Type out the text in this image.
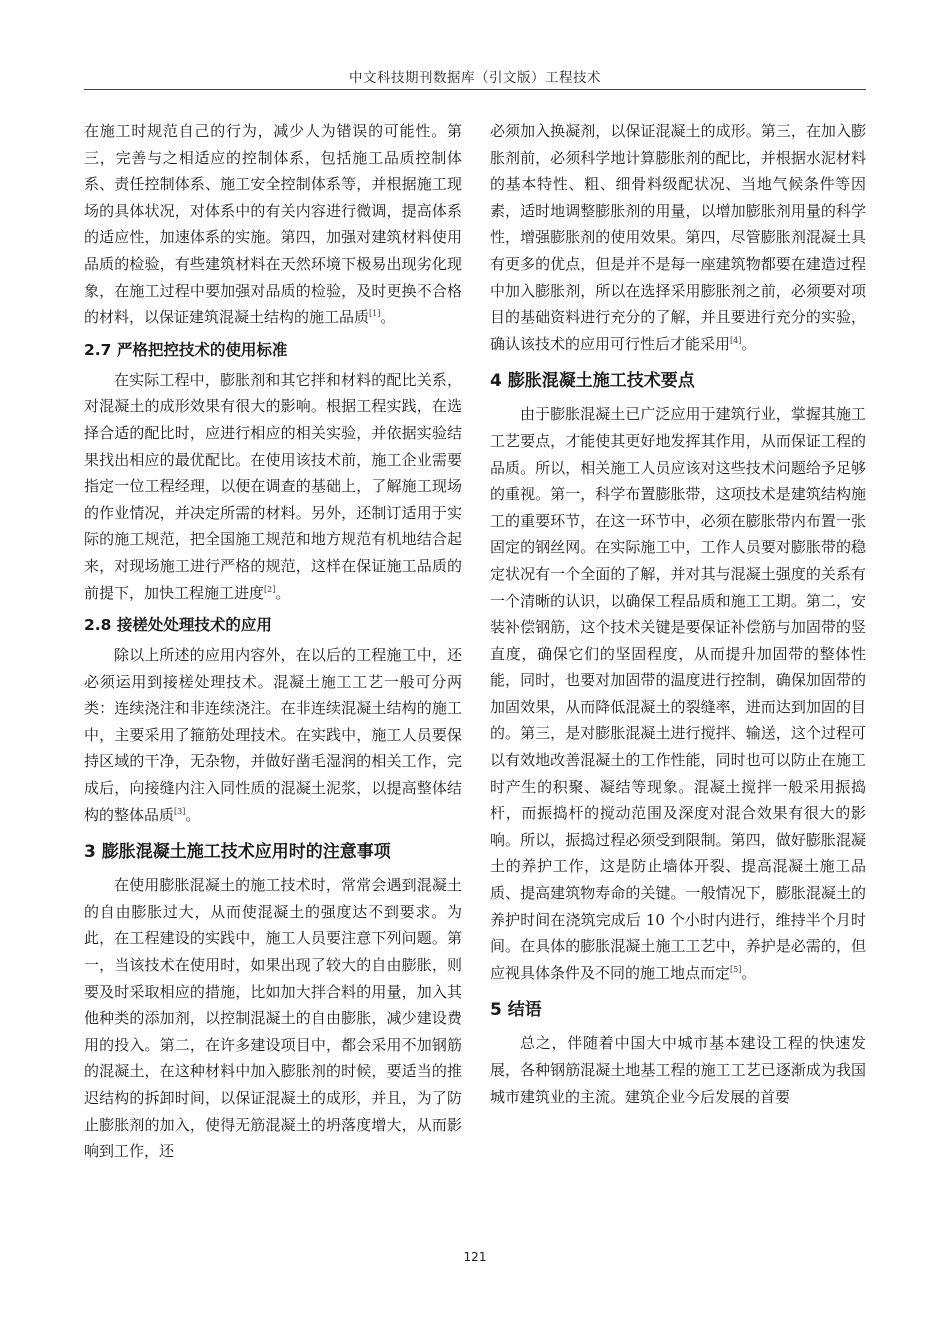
中文科技期刊数据库（引文版）工程技术

在施工时规范自己的行为，减少人为错误的可能性。第三，完善与之相适应的控制体系，包括施工品质控制体系、责任控制体系、施工安全控制体系等，并根据施工现场的具体状况，对体系中的有关内容进行微调，提高体系的适应性，加速体系的实施。第四，加强对建筑材料使用品质的检验，有些建筑材料在天然环境下极易出现劣化现象，在施工过程中要加强对品质的检验，及时更换不合格的材料，以保证建筑混凝土结构的施工品质[1]。

2.7 严格把控技术的使用标准

在实际工程中，膨胀剂和其它拌和材料的配比关系，对混凝土的成形效果有很大的影响。根据工程实践，在选择合适的配比时，应进行相应的相关实验，并依据实验结果找出相应的最优配比。在使用该技术前，施工企业需要指定一位工程经理，以便在调查的基础上，了解施工现场的作业情况，并决定所需的材料。另外，还制订适用于实际的施工规范，把全国施工规范和地方规范有机地结合起来，对现场施工进行严格的规范，这样在保证施工品质的前提下，加快工程施工进度[2]。

2.8 接槎处处理技术的应用

除以上所述的应用内容外，在以后的工程施工中，还必须运用到接槎处理技术。混凝土施工工艺一般可分两类：连续浇注和非连续浇注。在非连续混凝土结构的施工中，主要采用了箍筋处理技术。在实践中，施工人员要保持区域的干净，无杂物，并做好凿毛湿润的相关工作，完成后，向接缝内注入同性质的混凝土泥浆，以提高整体结构的整体品质[3]。

3 膨胀混凝土施工技术应用时的注意事项

在使用膨胀混凝土的施工技术时，常常会遇到混凝土的自由膨胀过大，从而使混凝土的强度达不到要求。为此，在工程建设的实践中，施工人员要注意下列问题。第一，当该技术在使用时，如果出现了较大的自由膨胀，则要及时采取相应的措施，比如加大拌合料的用量，加入其他种类的添加剂，以控制混凝土的自由膨胀，减少建设费用的投入。第二，在许多建设项目中，都会采用不加钢筋的混凝土，在这种材料中加入膨胀剂的时候，要适当的推迟结构的拆卸时间，以保证混凝土的成形，并且，为了防止膨胀剂的加入，使得无筋混凝土的坍落度增大，从而影响到工作，还

必须加入换凝剂，以保证混凝土的成形。第三，在加入膨胀剂前，必须科学地计算膨胀剂的配比，并根据水泥材料的基本特性、粗、细骨料级配状况、当地气候条件等因素，适时地调整膨胀剂的用量，以增加膨胀剂用量的科学性，增强膨胀剂的使用效果。第四，尽管膨胀剂混凝土具有更多的优点，但是并不是每一座建筑物都要在建造过程中加入膨胀剂，所以在选择采用膨胀剂之前，必须要对项目的基础资料进行充分的了解，并且要进行充分的实验，确认该技术的应用可行性后才能采用[4]。

4 膨胀混凝土施工技术要点

由于膨胀混凝土已广泛应用于建筑行业，掌握其施工工艺要点，才能使其更好地发挥其作用，从而保证工程的品质。所以，相关施工人员应该对这些技术问题给予足够的重视。第一，科学布置膨胀带，这项技术是建筑结构施工的重要环节，在这一环节中，必须在膨胀带内布置一张固定的钢丝网。在实际施工中，工作人员要对膨胀带的稳定状况有一个全面的了解，并对其与混凝土强度的关系有一个清晰的认识，以确保工程品质和施工工期。第二，安装补偿钢筋，这个技术关键是要保证补偿筋与加固带的竖直度，确保它们的坚固程度，从而提升加固带的整体性能，同时，也要对加固带的温度进行控制，确保加固带的加固效果，从而降低混凝土的裂缝率，进而达到加固的目的。第三，是对膨胀混凝土进行搅拌、输送，这个过程可以有效地改善混凝土的工作性能，同时也可以防止在施工时产生的积聚、凝结等现象。混凝土搅拌一般采用振捣杆，而振捣杆的搅动范围及深度对混合效果有很大的影响。所以，振捣过程必须受到限制。第四，做好膨胀混凝土的养护工作，这是防止墙体开裂、提高混凝土施工品质、提高建筑物寿命的关键。一般情况下，膨胀混凝土的养护时间在浇筑完成后 10 个小时内进行，维持半个月时间。在具体的膨胀混凝土施工工艺中，养护是必需的，但应视具体条件及不同的施工地点而定[5]。

5 结语

总之，伴随着中国大中城市基本建设工程的快速发展，各种钢筋混凝土地基工程的施工工艺已逐渐成为我国城市建筑业的主流。建筑企业今后发展的首要

121
